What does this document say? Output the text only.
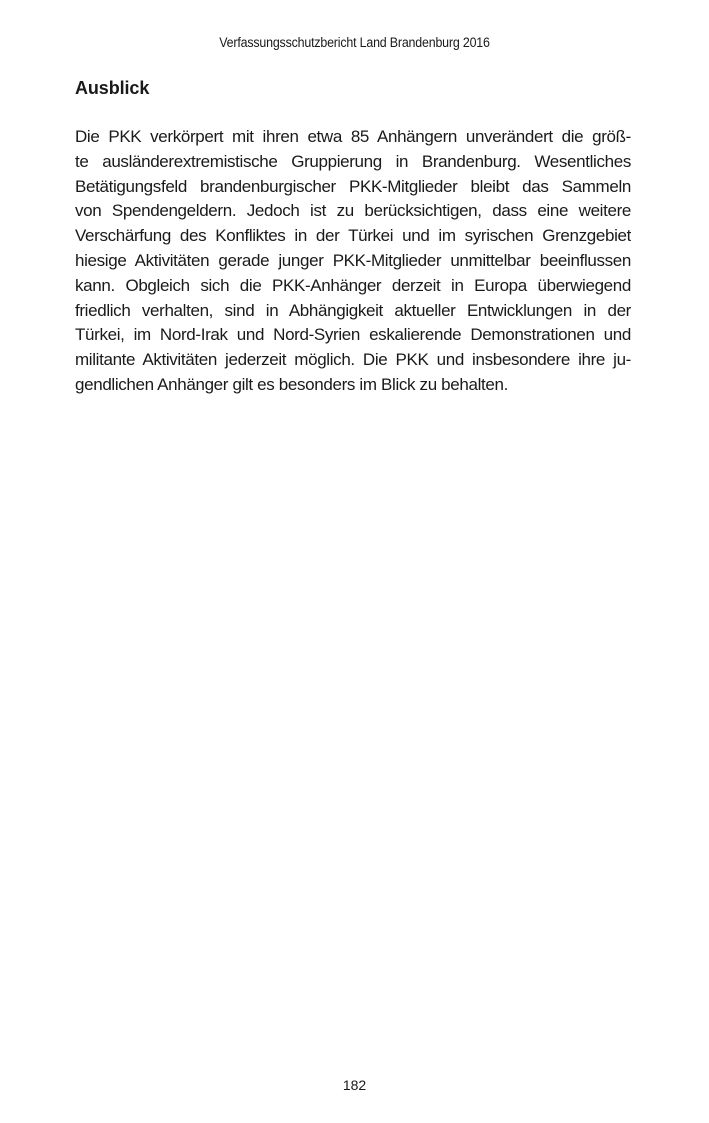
Verfassungsschutzbericht Land Brandenburg 2016
Ausblick

Die PKK verkörpert mit ihren etwa 85 Anhängern unverändert die größ-
te ausländerextremistische Gruppierung in Brandenburg. Wesentliches
Betätigungsfeld brandenburgischer PKK-Mitglieder bleibt das Sammeln
von Spendengeldern. Jedoch ist zu berücksichtigen, dass eine weitere
Verschärfung des Konfliktes in der Türkei und im syrischen Grenzgebiet
hiesige Aktivitäten gerade junger PKK-Mitglieder unmittelbar beeinflussen
kann. Obgleich sich die PKK-Anhänger derzeit in Europa überwiegend
friedlich verhalten, sind in Abhängigkeit aktueller Entwicklungen in der
Türkei, im Nord-Irak und Nord-Syrien eskalierende Demonstrationen und
militante Aktivitäten jederzeit möglich. Die PKK und insbesondere ihre ju-
gendlichen Anhänger gilt es besonders im Blick zu behalten.

182
